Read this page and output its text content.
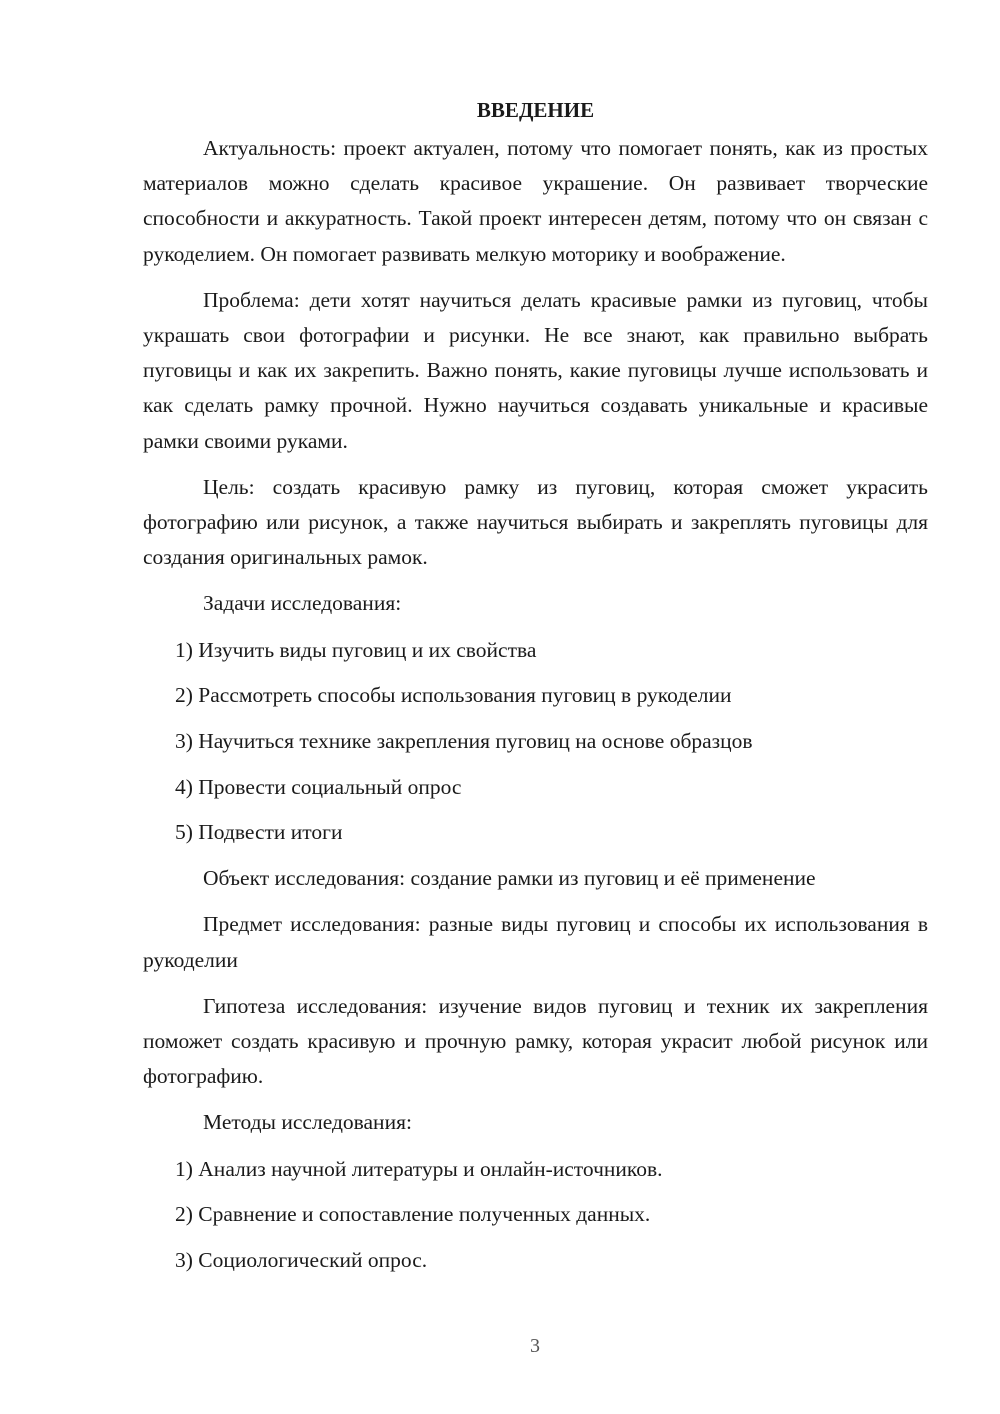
ВВЕДЕНИЕ

Актуальность: проект актуален, потому что помогает понять, как из простых материалов можно сделать красивое украшение. Он развивает творческие способности и аккуратность. Такой проект интересен детям, потому что он связан с рукоделием. Он помогает развивать мелкую моторику и воображение.

Проблема: дети хотят научиться делать красивые рамки из пуговиц, чтобы украшать свои фотографии и рисунки. Не все знают, как правильно выбрать пуговицы и как их закрепить. Важно понять, какие пуговицы лучше использовать и как сделать рамку прочной. Нужно научиться создавать уникальные и красивые рамки своими руками.

Цель: создать красивую рамку из пуговиц, которая сможет украсить фотографию или рисунок, а также научиться выбирать и закреплять пуговицы для создания оригинальных рамок.

Задачи исследования:

1) Изучить виды пуговиц и их свойства
2) Рассмотреть способы использования пуговиц в рукоделии
3) Научиться технике закрепления пуговиц на основе образцов
4) Провести социальный опрос
5) Подвести итоги

Объект исследования: создание рамки из пуговиц и её применение

Предмет исследования: разные виды пуговиц и способы их использования в рукоделии

Гипотеза исследования: изучение видов пуговиц и техник их закрепления поможет создать красивую и прочную рамку, которая украсит любой рисунок или фотографию.

Методы исследования:

1) Анализ научной литературы и онлайн-источников.
2) Сравнение и сопоставление полученных данных.
3) Социологический опрос.
3
